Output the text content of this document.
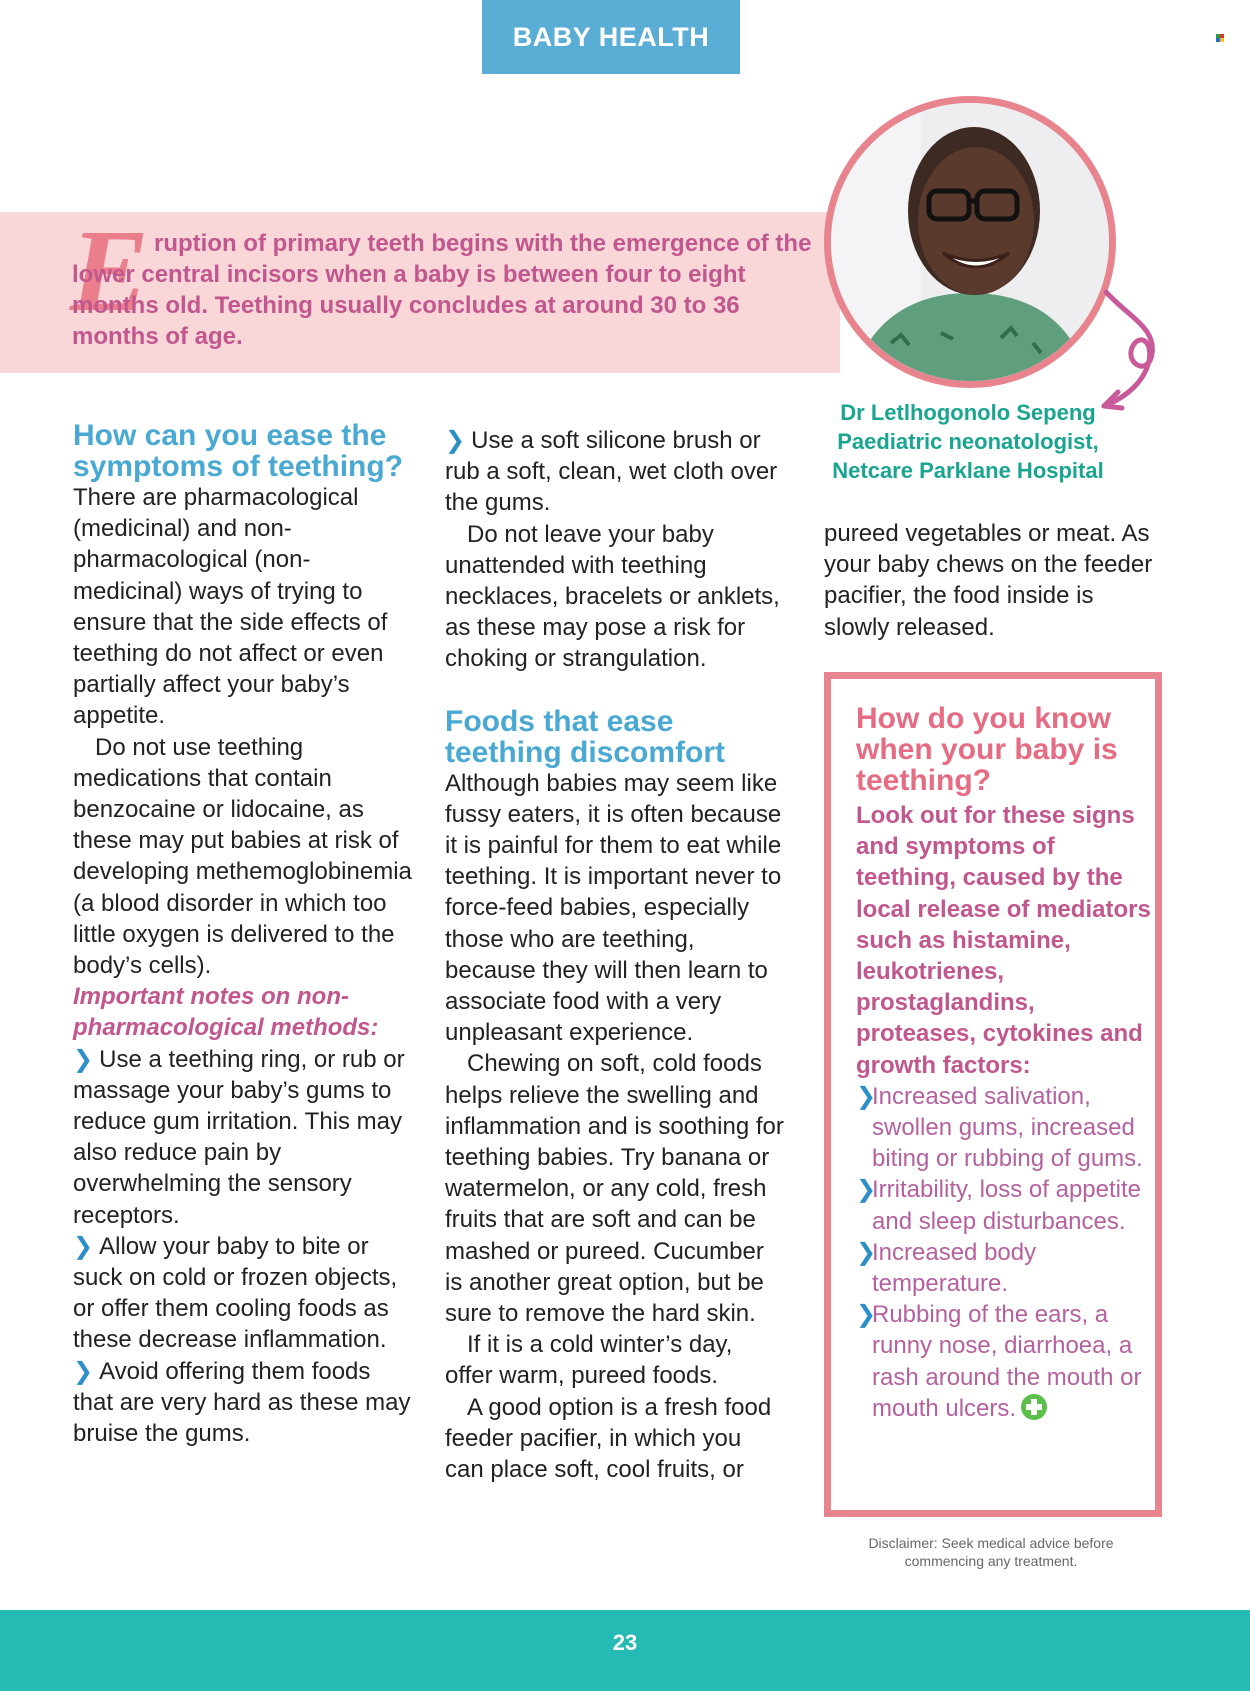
BABY HEALTH
E ruption of primary teeth begins with the emergence of the lower central incisors when a baby is between four to eight months old. Teething usually concludes at around 30 to 36 months of age.
Dr Letlhogonolo Sepeng
Paediatric neonatologist,
Netcare Parklane Hospital
How can you ease the symptoms of teething?

There are pharmacological (medicinal) and non-pharmacological (non-medicinal) ways of trying to ensure that the side effects of teething do not affect or even partially affect your baby’s appetite.

Do not use teething medications that contain benzocaine or lidocaine, as these may put babies at risk of developing methemoglobinemia (a blood disorder in which too little oxygen is delivered to the body’s cells).

Important notes on non-pharmacological methods:

❯ Use a teething ring, or rub or massage your baby’s gums to reduce gum irritation. This may also reduce pain by overwhelming the sensory receptors.

❯ Allow your baby to bite or suck on cold or frozen objects, or offer them cooling foods as these decrease inflammation.

❯ Avoid offering them foods that are very hard as these may bruise the gums.

❯ Use a soft silicone brush or rub a soft, clean, wet cloth over the gums.

Do not leave your baby unattended with teething necklaces, bracelets or anklets, as these may pose a risk for choking or strangulation.

Foods that ease teething discomfort

Although babies may seem like fussy eaters, it is often because it is painful for them to eat while teething. It is important never to force-feed babies, especially those who are teething, because they will then learn to associate food with a very unpleasant experience.

Chewing on soft, cold foods helps relieve the swelling and inflammation and is soothing for teething babies. Try banana or watermelon, or any cold, fresh fruits that are soft and can be mashed or pureed. Cucumber is another great option, but be sure to remove the hard skin.

If it is a cold winter’s day, offer warm, pureed foods.

A good option is a fresh food feeder pacifier, in which you can place soft, cool fruits, or

pureed vegetables or meat. As your baby chews on the feeder pacifier, the food inside is slowly released.

How do you know when your baby is teething?

Look out for these signs and symptoms of teething, caused by the local release of mediators such as histamine, leukotrienes, prostaglandins, proteases, cytokines and growth factors:

❯
Increased salivation, swollen gums, increased biting or rubbing of gums.
❯
Irritability, loss of appetite and sleep disturbances.
❯
Increased body temperature.
❯
Rubbing of the ears, a runny nose, diarrhoea, a rash around the mouth or mouth ulcers.
Disclaimer: Seek medical advice before commencing any treatment.
23
